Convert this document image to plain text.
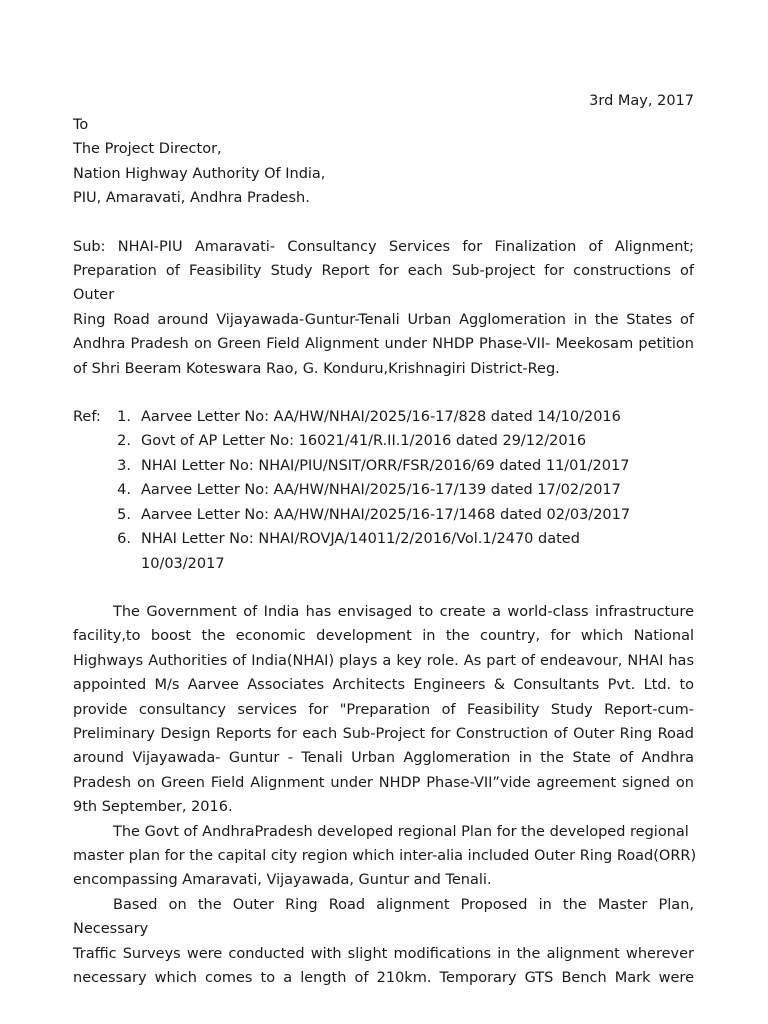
3rd May, 2017
To
The Project Director,
Nation Highway Authority Of India,
PIU, Amaravati, Andhra Pradesh.
Sub: NHAI-PIU Amaravati- Consultancy Services for Finalization of Alignment;
Preparation of Feasibility Study Report for each Sub-project for constructions of Outer
Ring Road around Vijayawada-Guntur-Tenali Urban Agglomeration in the States of
Andhra Pradesh on Green Field Alignment under NHDP Phase-VII- Meekosam petition
of Shri Beeram Koteswara Rao, G. Konduru,Krishnagiri District-Reg.
Ref:	1. Aarvee Letter No: AA/HW/NHAI/2025/16-17/828 dated 14/10/2016
2. Govt of AP Letter No: 16021/41/R.II.1/2016 dated 29/12/2016
3. NHAI Letter No: NHAI/PIU/NSIT/ORR/FSR/2016/69 dated 11/01/2017
4. Aarvee Letter No: AA/HW/NHAI/2025/16-17/139 dated 17/02/2017
5. Aarvee Letter No: AA/HW/NHAI/2025/16-17/1468 dated 02/03/2017
6. NHAI Letter No: NHAI/ROVJA/14011/2/2016/Vol.1/2470 dated
10/03/2017
The Government of India has envisaged to create a world-class infrastructure
facility,to boost the economic development in the country, for which National
Highways Authorities of India(NHAI) plays a key role. As part of endeavour, NHAI has
appointed M/s Aarvee Associates Architects Engineers & Consultants Pvt. Ltd. to
provide consultancy services for "Preparation of Feasibility Study Report-cum-
Preliminary Design Reports for each Sub-Project for Construction of Outer Ring Road
around Vijayawada- Guntur - Tenali Urban Agglomeration in the State of Andhra
Pradesh on Green Field Alignment under NHDP Phase-VII”vide agreement signed on
9th September, 2016.
The Govt of AndhraPradesh developed regional Plan for the developed regional
master plan for the capital city region which inter-alia included Outer Ring Road(ORR)
encompassing Amaravati, Vijayawada, Guntur and Tenali.
Based on the Outer Ring Road alignment Proposed in the Master Plan, Necessary
Traffic Surveys were conducted with slight modifications in the alignment wherever
necessary which comes to a length of 210km. Temporary GTS Bench Mark were
